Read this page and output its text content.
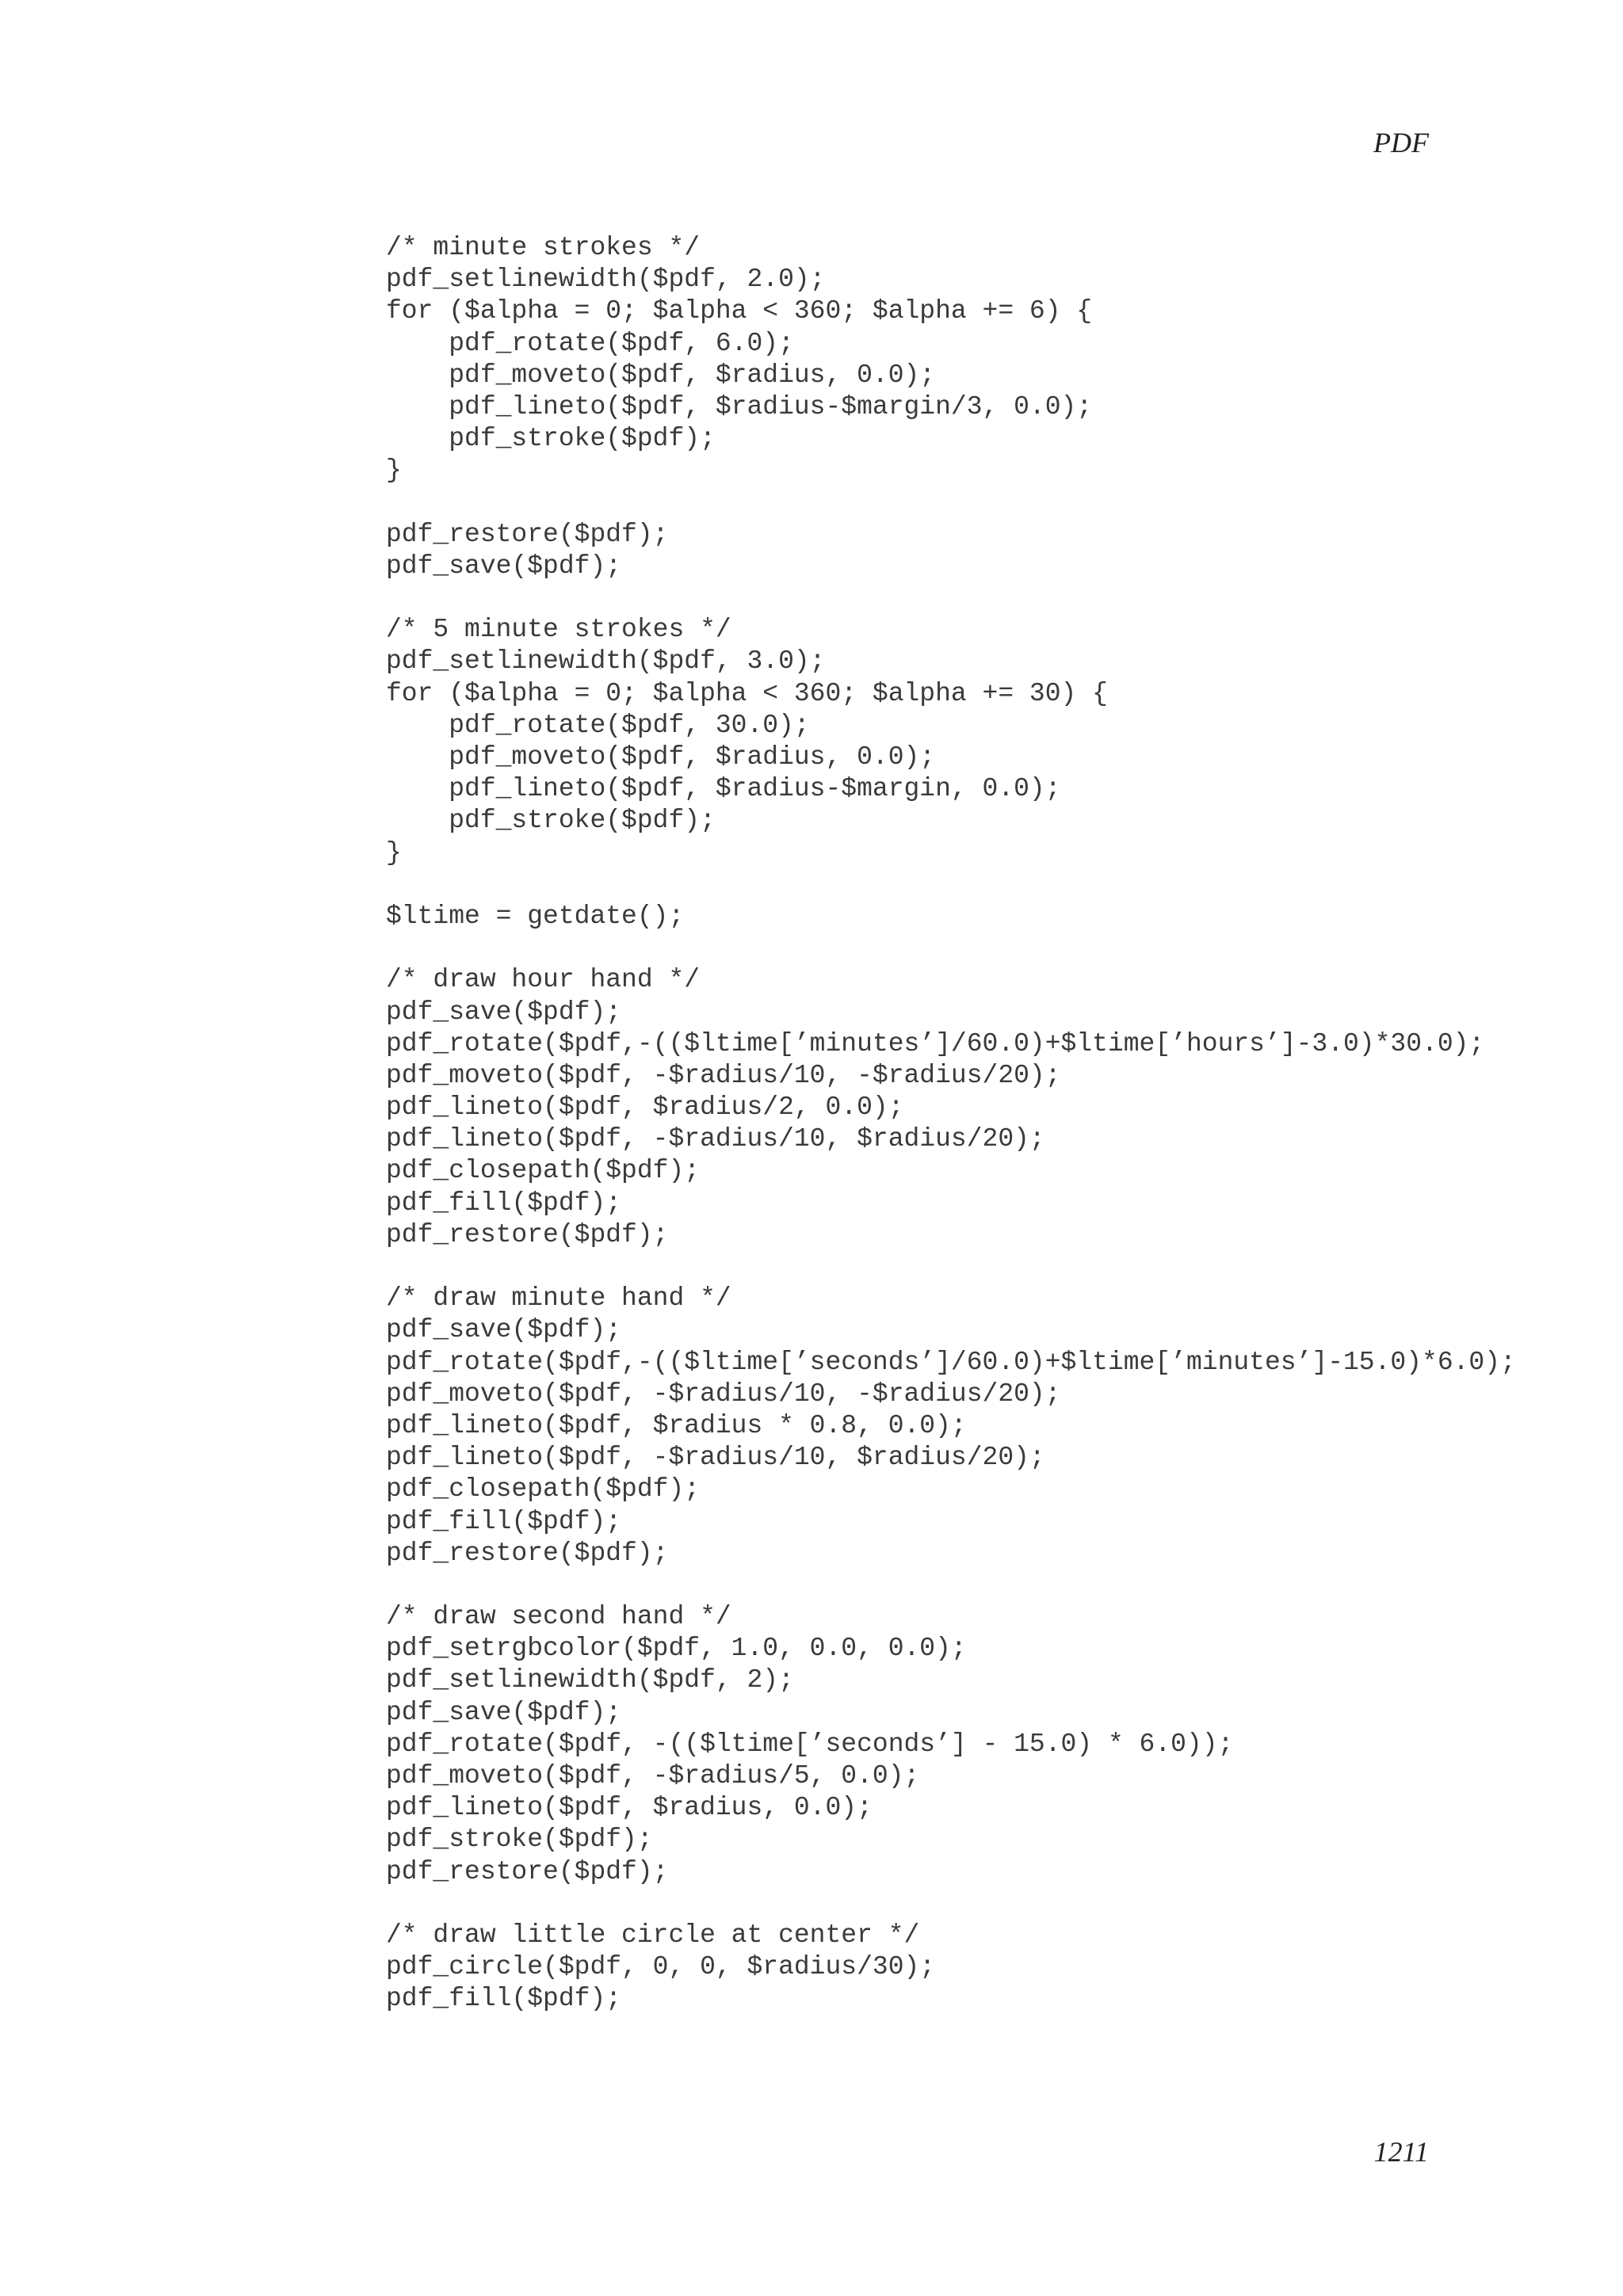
PDF
/* minute strokes */
pdf_setlinewidth($pdf, 2.0);
for ($alpha = 0; $alpha < 360; $alpha += 6) {
pdf_rotate($pdf, 6.0);
pdf_moveto($pdf, $radius, 0.0);
pdf_lineto($pdf, $radius-$margin/3, 0.0);
pdf_stroke($pdf);
}
pdf_restore($pdf);
pdf_save($pdf);
/* 5 minute strokes */
pdf_setlinewidth($pdf, 3.0);
for ($alpha = 0; $alpha < 360; $alpha += 30) {
pdf_rotate($pdf, 30.0);
pdf_moveto($pdf, $radius, 0.0);
pdf_lineto($pdf, $radius-$margin, 0.0);
pdf_stroke($pdf);
}
$ltime = getdate();
/* draw hour hand */
pdf_save($pdf);
pdf_rotate($pdf,-(($ltime[’minutes’]/60.0)+$ltime[’hours’]-3.0)*30.0);
pdf_moveto($pdf, -$radius/10, -$radius/20);
pdf_lineto($pdf, $radius/2, 0.0);
pdf_lineto($pdf, -$radius/10, $radius/20);
pdf_closepath($pdf);
pdf_fill($pdf);
pdf_restore($pdf);
/* draw minute hand */
pdf_save($pdf);
pdf_rotate($pdf,-(($ltime[’seconds’]/60.0)+$ltime[’minutes’]-15.0)*6.0);
pdf_moveto($pdf, -$radius/10, -$radius/20);
pdf_lineto($pdf, $radius * 0.8, 0.0);
pdf_lineto($pdf, -$radius/10, $radius/20);
pdf_closepath($pdf);
pdf_fill($pdf);
pdf_restore($pdf);
/* draw second hand */
pdf_setrgbcolor($pdf, 1.0, 0.0, 0.0);
pdf_setlinewidth($pdf, 2);
pdf_save($pdf);
pdf_rotate($pdf, -(($ltime[’seconds’] - 15.0) * 6.0));
pdf_moveto($pdf, -$radius/5, 0.0);
pdf_lineto($pdf, $radius, 0.0);
pdf_stroke($pdf);
pdf_restore($pdf);
/* draw little circle at center */
pdf_circle($pdf, 0, 0, $radius/30);
pdf_fill($pdf);
1211
